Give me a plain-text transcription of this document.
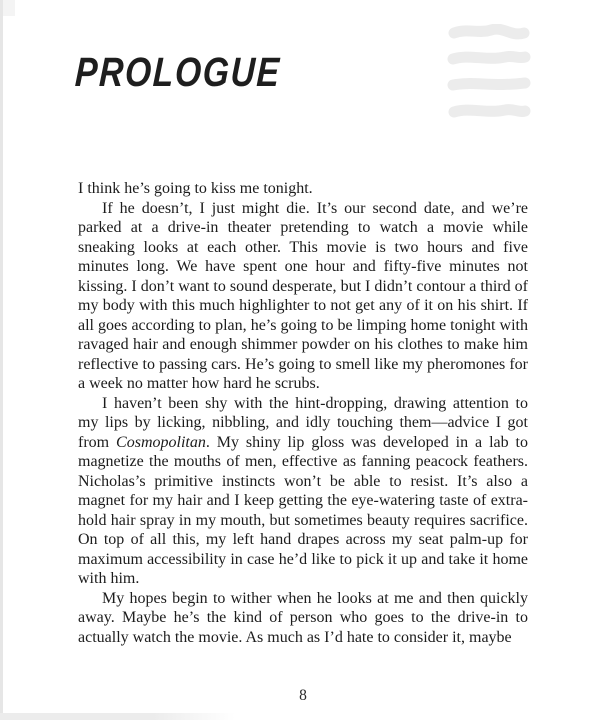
PROLOGUE

I think he’s going to kiss me tonight.

If he doesn’t, I just might die. It’s our second date, and we’re parked at a drive-in theater pretending to watch a movie while sneaking looks at each other. This movie is two hours and five minutes long. We have spent one hour and fifty-five minutes not kissing. I don’t want to sound desperate, but I didn’t contour a third of my body with this much highlighter to not get any of it on his shirt. If all goes according to plan, he’s going to be limping home tonight with ravaged hair and enough shimmer powder on his clothes to make him reflective to passing cars. He’s going to smell like my pheromones for a week no matter how hard he scrubs.

I haven’t been shy with the hint-dropping, drawing attention to my lips by licking, nibbling, and idly touching them—advice I got from Cosmopolitan. My shiny lip gloss was developed in a lab to magnetize the mouths of men, effective as fanning peacock feathers. Nicholas’s primitive instincts won’t be able to resist. It’s also a magnet for my hair and I keep getting the eye-watering taste of extra-hold hair spray in my mouth, but sometimes beauty requires sacrifice. On top of all this, my left hand drapes across my seat palm-up for maximum accessibility in case he’d like to pick it up and take it home with him.

My hopes begin to wither when he looks at me and then quickly away. Maybe he’s the kind of person who goes to the drive-in to actually watch the movie. As much as I’d hate to consider it, maybe

8
